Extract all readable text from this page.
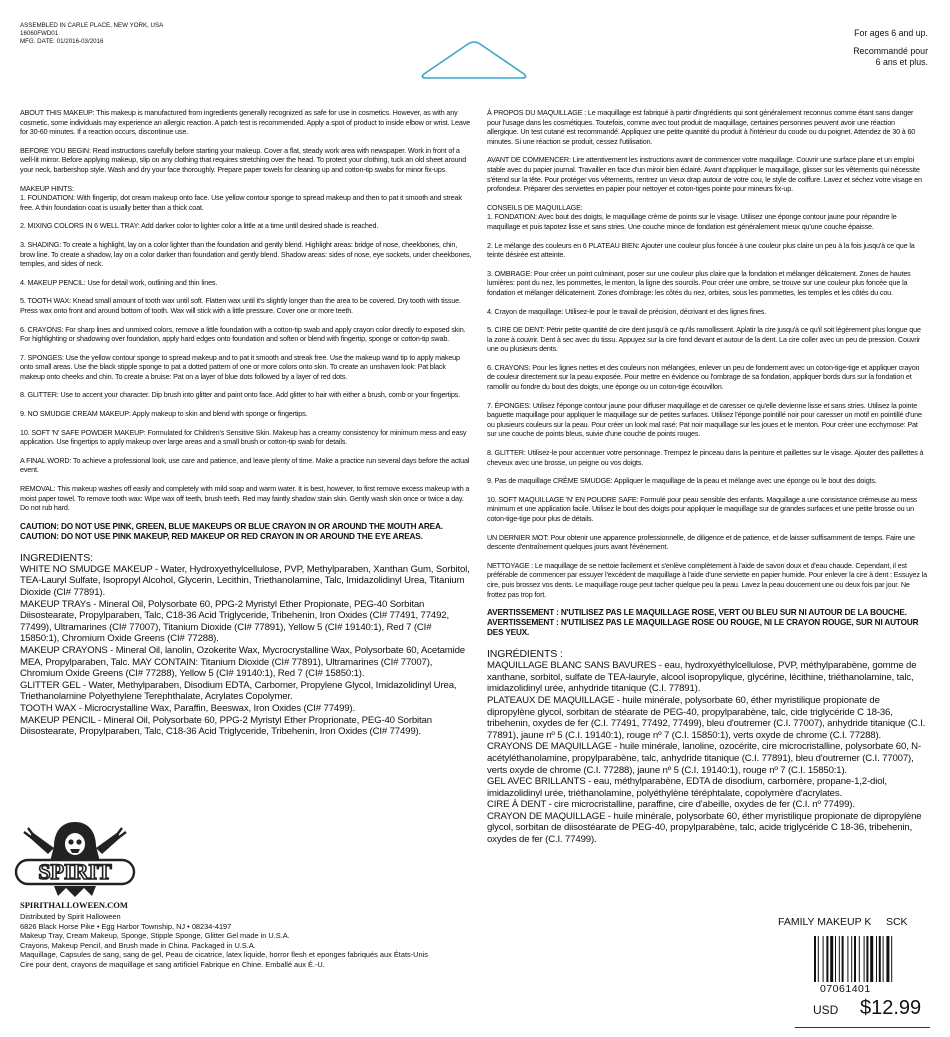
ASSEMBLED IN CARLE PLACE, NEW YORK, USA
16060FWD01
MFG. DATE: 01/2016-03/2016
For ages 6 and up.
Recommandé pour
6 ans et plus.

ABOUT THIS MAKEUP: This makeup is manufactured from ingredients generally recognized as safe for use in cosmetics. However, as with any cosmetic, some individuals may experience an allergic reaction. A patch test is recommended. Apply a spot of product to inside elbow or wrist. Leave for 30-60 minutes. If a reaction occurs, discontinue use.

BEFORE YOU BEGIN: Read instructions carefully before starting your makeup. Cover a flat, steady work area with newspaper. Work in front of a well-lit mirror. Before applying makeup, slip on any clothing that requires stretching over the head. To protect your clothing, tuck an old sheet around your neck, barbershop style. Wash and dry your face thoroughly. Prepare paper towels for cleaning up and cotton-tip swabs for minor fix-ups.

MAKEUP HINTS:
1. FOUNDATION: With fingertip, dot cream makeup onto face. Use yellow contour sponge to spread makeup and then to pat it smooth and streak free. A thin foundation coat is usually better than a thick coat.

2. MIXING COLORS IN 6 WELL TRAY: Add darker color to lighter color a little at a time until desired shade is reached.

3. SHADING: To create a highlight, lay on a color lighter than the foundation and gently blend. Highlight areas: bridge of nose, cheekbones, chin, brow line. To create a shadow, lay on a color darker than foundation and gently blend. Shadow areas: sides of nose, eye sockets, under cheekbones, temples, and sides of neck.

4. MAKEUP PENCIL: Use for detail work, outlining and thin lines.

5. TOOTH WAX: Knead small amount of tooth wax until soft. Flatten wax until it's slightly longer than the area to be covered. Dry tooth with tissue. Press wax onto front and around bottom of tooth. Wax will stick with a little pressure. Cover one or more teeth.

6. CRAYONS: For sharp lines and unmixed colors, remove a little foundation with a cotton-tip swab and apply crayon color directly to exposed skin. For highlighting or shadowing over foundation, apply hard edges onto foundation and soften or blend with fingertip, sponge or cotton-tip swab.

7. SPONGES: Use the yellow contour sponge to spread makeup and to pat it smooth and streak free. Use the makeup wand tip to apply makeup onto small areas. Use the black stipple sponge to pat a dotted pattern of one or more colors onto skin. To create an unshaven look: Pat black makeup onto cheeks and chin. To create a bruise: Pat on a layer of blue dots followed by a layer of red dots.

8. GLITTER: Use to accent your character. Dip brush into glitter and paint onto face. Add glitter to hair with either a brush, comb or your fingertips.

9. NO SMUDGE CREAM MAKEUP: Apply makeup to skin and blend with sponge or fingertips.

10. SOFT 'N' SAFE POWDER MAKEUP: Formulated for Children's Sensitive Skin. Makeup has a creamy consistency for minimum mess and easy application. Use fingertips to apply makeup over large areas and a small brush or cotton-tip swab for details.

A FINAL WORD: To achieve a professional look, use care and patience, and leave plenty of time. Make a practice run several days before the actual event.

REMOVAL: This makeup washes off easily and completely with mild soap and warm water. It is best, however, to first remove excess makeup with a moist paper towel. To remove tooth wax: Wipe wax off teeth, brush teeth. Red may faintly shadow stain skin. Gently wash skin once or twice a day. Do not rub hard.

CAUTION: DO NOT USE PINK, GREEN, BLUE MAKEUPS OR BLUE CRAYON IN OR AROUND THE MOUTH AREA.
CAUTION: DO NOT USE PINK MAKEUP, RED MAKEUP OR RED CRAYON IN OR AROUND THE EYE AREAS.
INGREDIENTS:
WHITE NO SMUDGE MAKEUP - Water, Hydroxyethylcellulose, PVP, Methylparaben, Xanthan Gum, Sorbitol, TEA-Lauryl Sulfate, Isopropyl Alcohol, Glycerin, Lecithin, Triethanolamine, Talc, Imidazolidinyl Urea, Titanium Dioxide (CI# 77891).
MAKEUP TRAYs - Mineral Oil, Polysorbate 60, PPG-2 Myristyl Ether Propionate, PEG-40 Sorbitan Diisostearate, Propylparaben, Talc, C18-36 Acid Triglyceride, Tribehenin, Iron Oxides (CI# 77491, 77492, 77499), Ultramarines (CI# 77007), Titanium Dioxide (CI# 77891), Yellow 5 (CI# 19140:1), Red 7 (CI# 15850:1), Chromium Oxide Greens (CI# 77288).
MAKEUP CRAYONS - Mineral Oil, lanolin, Ozokerite Wax, Mycrocrystalline Wax, Polysorbate 60, Acetamide MEA, Propylparaben, Talc. MAY CONTAIN: Titanium Dioxide (CI# 77891), Ultramarines (CI# 77007), Chromium Oxide Greens (CI# 77288), Yellow 5 (CI# 19140:1), Red 7 (CI# 15850:1).
GLITTER GEL - Water, Methylparaben, Disodium EDTA, Carbomer, Propylene Glycol, Imidazolidinyl Urea, Triethanolamine Polyethylene Terephthalate, Acrylates Copolymer.
TOOTH WAX - Microcrystalline Wax, Paraffin, Beeswax, Iron Oxides (CI# 77499).
MAKEUP PENCIL - Mineral Oil, Polysorbate 60, PPG-2 Myristyl Ether Proprionate, PEG-40 Sorbitan Diisostearate, Propylparaben, Talc, C18-36 Acid Triglyceride, Tribehenin, Iron Oxides (CI# 77499).

À PROPOS DU MAQUILLAGE : Le maquillage est fabriqué à partir d'ingrédients qui sont généralement reconnus comme étant sans danger pour l'usage dans les cosmétiques. Toutefois, comme avec tout produit de maquillage, certaines personnes peuvent avoir une réaction allergique. Un test cutané est recommandé. Appliquez une petite quantité du produit à l'intérieur du coude ou du poignet. Attendez de 30 à 60 minutes. Si une réaction se produit, cessez l'utilisation.

AVANT DE COMMENCER: Lire attentivement les instructions avant de commencer votre maquillage. Couvrir une surface plane et un emploi stable avec du papier journal. Travailler en face d'un miroir bien éclairé. Avant d'appliquer le maquillage, glisser sur les vêtements qui nécessite s'étend sur la tête. Pour protéger vos vêtements, rentrez un vieux drap autour de votre cou, le style de coiffure. Lavez et séchez votre visage en profondeur. Préparer des serviettes en papier pour nettoyer et coton-tiges pointe pour mineurs fix-up.

CONSEILS DE MAQUILLAGE:
1. FONDATION: Avec bout des doigts, le maquillage crème de points sur le visage. Utilisez une éponge contour jaune pour répandre le maquillage et puis tapotez lisse et sans stries. Une couche mince de fondation est généralement mieux qu'une couche épaisse.

2. Le mélange des couleurs en 6 PLATEAU BIEN: Ajouter une couleur plus foncée à une couleur plus claire un peu à la fois jusqu'à ce que la teinte désirée est atteinte.

3. OMBRAGE: Pour créer un point culminant, poser sur une couleur plus claire que la fondation et mélanger délicatement. Zones de hautes lumières: pont du nez, les pommettes, le menton, la ligne des sourcils. Pour créer une ombre, se trouve sur une couleur plus foncée que la fondation et mélanger délicatement. Zones d'ombrage: les côtés du nez, orbites, sous les pommettes, les temples et les côtés du cou.

4. Crayon de maquillage: Utilisez-le pour le travail de précision, décrivant et des lignes fines.

5. CIRE DE DENT: Pétrir petite quantité de cire dent jusqu'à ce qu'ils ramollissent. Aplatir la cire jusqu'à ce qu'il soit légèrement plus longue que la zone à couvrir. Dent à sec avec du tissu. Appuyez sur la cire fond devant et autour de la dent. La cire coller avec un peu de pression. Couvrir une ou plusieurs dents.

6. CRAYONS: Pour les lignes nettes et des couleurs non mélangées, enlever un peu de fondement avec un coton-tige-tige et appliquer crayon de couleur directement sur la peau exposée. Pour mettre en évidence ou l'ombrage de sa fondation, appliquer bords durs sur la fondation et ramollir ou fondre du bout des doigts, une éponge ou un coton-tige écouvillon.

7. ÉPONGES: Utilisez l'éponge contour jaune pour diffuser maquillage et de caresser ce qu'elle devienne lisse et sans stries. Utilisez la pointe baguette maquillage pour appliquer le maquillage sur de petites surfaces. Utilisez l'éponge pointillé noir pour caresser un motif en pointillé d'une ou plusieurs couleurs sur la peau. Pour créer un look mal rasé: Pat noir maquillage sur les joues et le menton. Pour créer une ecchymose: Pat sur une couche de points bleus, suivie d'une couche de points rouges.

8. GLITTER: Utilisez-le pour accentuer votre personnage. Trempez le pinceau dans la peinture et paillettes sur le visage. Ajouter des paillettes à cheveux avec une brosse, un peigne ou vos doigts.

9. Pas de maquillage CRÈME SMUDGE: Appliquer le maquillage de la peau et mélange avec une éponge ou le bout des doigts.

10. SOFT MAQUILLAGE 'N' EN POUDRE SAFE: Formulé pour peau sensible des enfants. Maquillage a une consistance crémeuse au mess minimum et une application facile. Utilisez le bout des doigts pour appliquer le maquillage sur de grandes surfaces et une petite brosse ou un coton-tige-tige pour plus de détails.

UN DERNIER MOT: Pour obtenir une apparence professionnelle, de diligence et de patience, et de laisser suffisamment de temps. Faire une descente d'entraînement quelques jours avant l'événement.

NETTOYAGE : Le maquillage de se nettoie facilement et s'enlève complètement à l'aide de savon doux et d'eau chaude. Cependant, il est préférable de commencer par essuyer l'excédent de maquillage à l'aide d'une serviette en papier humide. Pour enlever la cire à dent : Essuyez la cire, puis brossez vos dents. Le maquillage rouge peut tacher quelque peu la peau. Lavez la peau doucement une ou deux fois par jour. Ne frottez pas trop fort.

AVERTISSEMENT : N'UTILISEZ PAS LE MAQUILLAGE ROSE, VERT OU BLEU SUR NI AUTOUR DE LA BOUCHE.
AVERTISSEMENT : N'UTILISEZ PAS LE MAQUILLAGE ROSE OU ROUGE, NI LE CRAYON ROUGE, SUR NI AUTOUR DES YEUX.
INGRÉDIENTS :
MAQUILLAGE BLANC SANS BAVURES - eau, hydroxyéthylcellulose, PVP, méthylparabène, gomme de xanthane, sorbitol, sulfate de TEA-lauryle, alcool isopropylique, glycérine, lécithine, triéthanolamine, talc, imidazolidinyl urée, anhydride titanique (C.I. 77891).
PLATEAUX DE MAQUILLAGE - huile minérale, polysorbate 60, éther myristilique propionate de dipropylène glycol, sorbitan de stéarate de PEG-40, propylparabène, talc, cide triglycéride C 18-36, tribehenin, oxydes de fer (C.I. 77491, 77492, 77499), bleu d'outremer (C.I. 77007), anhydride titanique (C.I. 77891), jaune nº 5 (C.I. 19140:1), rouge nº 7 (C.I. 15850:1), verts oxyde de chrome (C.I. 77288).
CRAYONS DE MAQUILLAGE - huile minérale, lanoline, ozocérite, cire microcristalline, polysorbate 60, N-acétyléthanolamine, propylparabène, talc, anhydride titanique (C.I. 77891), bleu d'outremer (C.I. 77007), verts oxyde de chrome (C.I. 77288), jaune nº 5 (C.I. 19140:1), rouge nº 7 (C.I. 15850:1).
GEL AVEC BRILLANTS - eau, méthylparabène, EDTA de disodium, carbomère, propane-1,2-diol, imidazolidinyl urée, triéthanolamine, polyéthylène téréphtalate, copolymère d'acrylates.
CIRE À DENT - cire microcristalline, paraffine, cire d'abeille, oxydes de fer (C.I. nº 77499).
CRAYON DE MAQUILLAGE - huile minérale, polysorbate 60, éther myristilique propionate de dipropylène glycol, sorbitan de diisostéarate de PEG-40, propylparabène, talc, acide triglycéride C 18-36, tribehenin, oxydes de fer (C.I. 77499).
SPIRIT
SPIRITHALLOWEEN.COM
Distributed by Spirit Halloween
6826 Black Horse Pike • Egg Harbor Township, NJ • 08234-4197
Makeup Tray, Cream Makeup, Sponge, Stipple Sponge, Glitter Gel made in U.S.A.
Crayons, Makeup Pencil, and Brush made in China. Packaged in U.S.A.
Maquillage, Capsules de sang, sang de gel, Peau de cicatrice, latex liquide, horror flesh et eponges fabriqués aux États-Unis
Cire pour dent, crayons de maquillage et sang artificiel Fabrique en Chine. Emballé aux É.-U.
FAMILY MAKEUP K     SCK
07061401
USD $12.99
